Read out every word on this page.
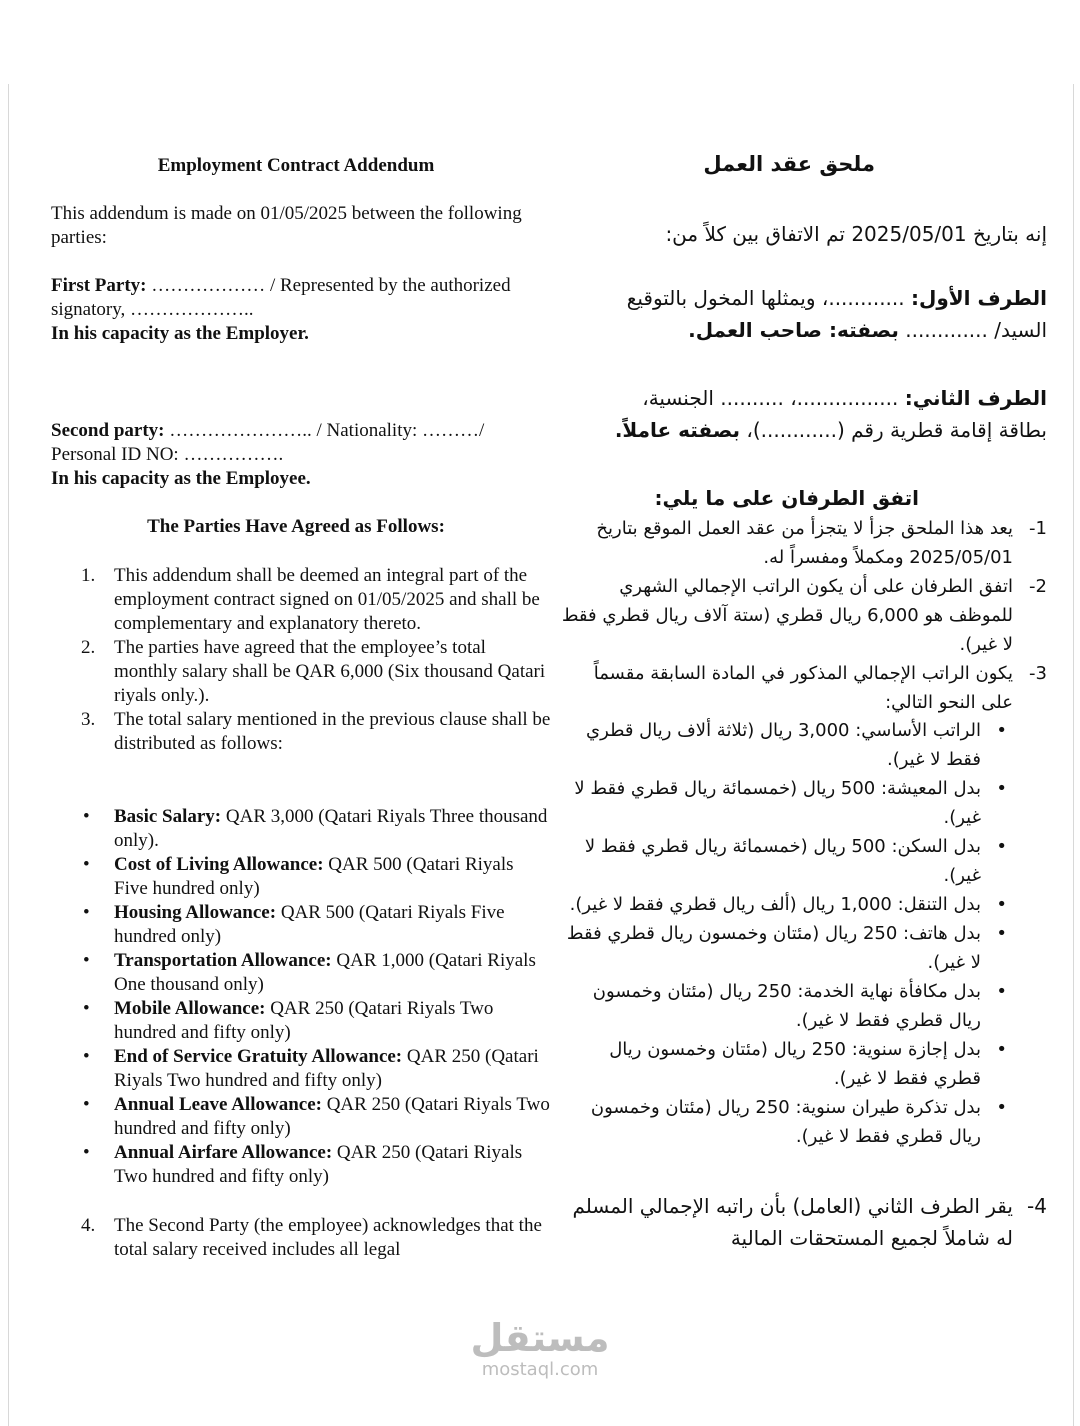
Employment Contract Addendum
This addendum is made on 01/05/2025 between the following parties:
First Party: ……………… / Represented by the authorized signatory, ………………..
In his capacity as the Employer.
Second party: ………………….. / Nationality: ………/ Personal ID NO: …………….
In his capacity as the Employee.
The Parties Have Agreed as Follows:
1. This addendum shall be deemed an integral part of the employment contract signed on 01/05/2025 and shall be complementary and explanatory thereto.
2. The parties have agreed that the employee’s total monthly salary shall be QAR 6,000 (Six thousand Qatari riyals only.).
3. The total salary mentioned in the previous clause shall be distributed as follows:
• Basic Salary: QAR 3,000 (Qatari Riyals Three thousand only).
• Cost of Living Allowance: QAR 500 (Qatari Riyals Five hundred only)
• Housing Allowance: QAR 500 (Qatari Riyals Five hundred only)
• Transportation Allowance: QAR 1,000 (Qatari Riyals One thousand only)
• Mobile Allowance: QAR 250 (Qatari Riyals Two hundred and fifty only)
• End of Service Gratuity Allowance: QAR 250 (Qatari Riyals Two hundred and fifty only)
• Annual Leave Allowance: QAR 250 (Qatari Riyals Two hundred and fifty only)
• Annual Airfare Allowance: QAR 250 (Qatari Riyals Two hundred and fifty only)
4. The Second Party (the employee) acknowledges that the total salary received includes all legal
ملحق عقد العمل
إنه بتاريخ 2025/05/01 تم الاتفاق بين كلاً من:
الطرف الأول: ............، ويمثلها المخول بالتوقيع
السيد/ ............. بصفته: صاحب العمل.
الطرف الثاني: ................، .......... الجنسية،
بطاقة إقامة قطرية رقم (............)، بصفته عاملاً.
اتفق الطرفان على ما يلي:
1-
يعد هذا الملحق جزأ لا يتجزأ من عقد العمل الموقع بتاريخ 2025/05/01 ومكملاً ومفسراً له.
2-
اتفق الطرفان على أن يكون الراتب الإجمالي الشهري للموظف هو 6,000 ريال قطري (ستة آلاف ريال قطري فقط لا غير).
3-
يكون الراتب الإجمالي المذكور في المادة السابقة مقسماً على النحو التالي:
•
الراتب الأساسي: 3,000 ريال (ثلاثة ألاف ريال قطري فقط لا غير).
•
بدل المعيشة: 500 ريال (خمسمائة ريال قطري فقط لا غير).
•
بدل السكن: 500 ريال (خمسمائة ريال قطري فقط لا غير).
•
بدل التنقل: 1,000 ريال (ألف ريال قطري فقط لا غير).
•
بدل هاتف: 250 ريال (مئتان وخمسون ريال قطري فقط لا غير).
•
بدل مكافأة نهاية الخدمة: 250 ريال (مئتان وخمسون ريال قطري فقط لا غير).
•
بدل إجازة سنوية: 250 ريال (مئتان وخمسون ريال قطري فقط لا غير).
•
بدل تذكرة طيران سنوية: 250 ريال (مئتان وخمسون ريال قطري فقط لا غير).
4-
يقر الطرف الثاني (العامل) بأن راتبه الإجمالي المسلم له شاملاً لجميع المستحقات المالية
مستقل
mostaql.com
